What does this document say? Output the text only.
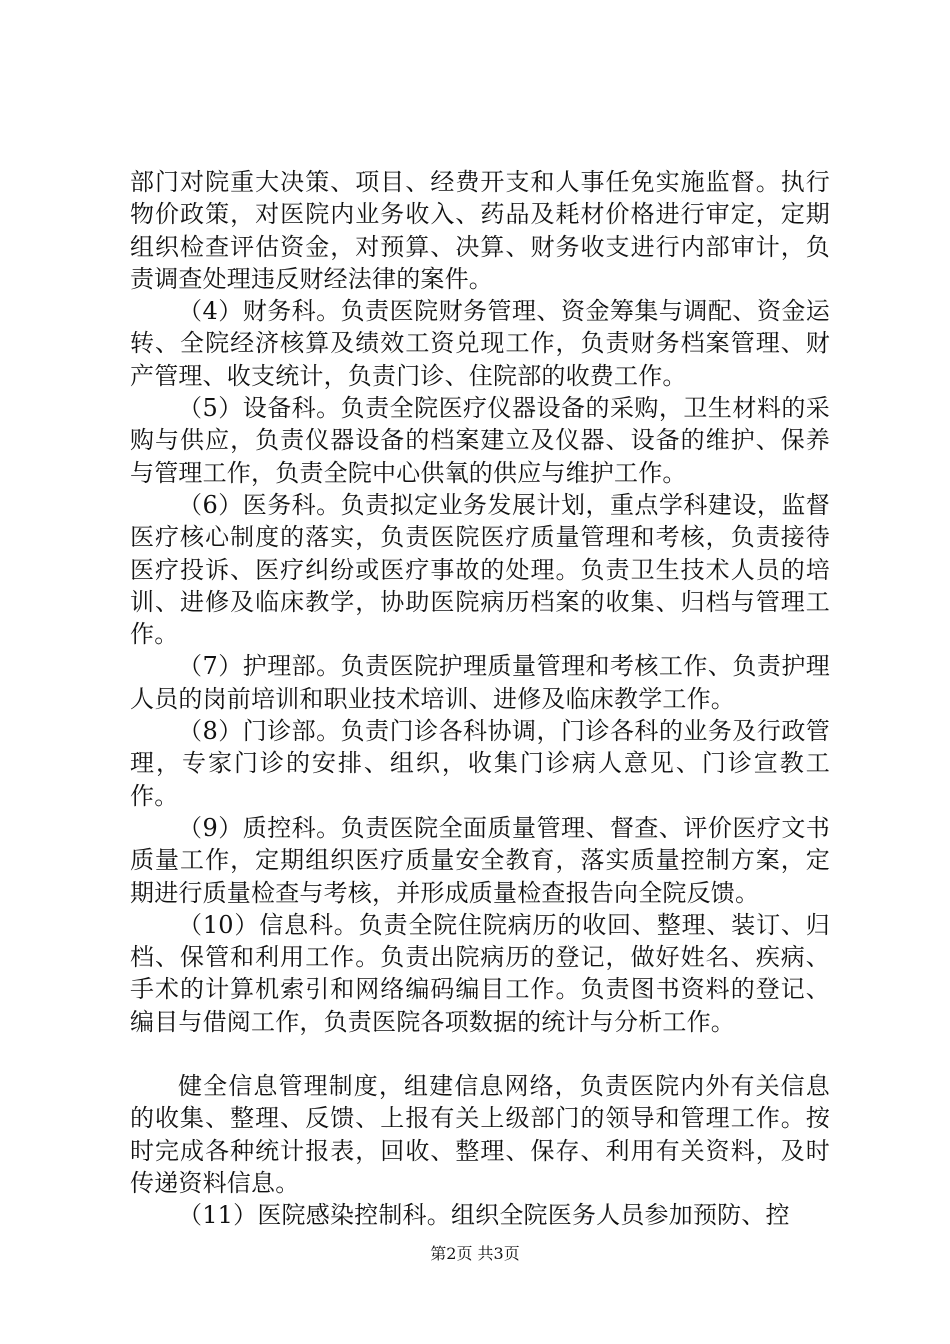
部门对院重大决策、项目、经费开支和人事任免实施监督。执行物价政策，对医院内业务收入、药品及耗材价格进行审定，定期组织检查评估资金，对预算、决算、财务收支进行内部审计，负责调查处理违反财经法律的案件。

（4）财务科。负责医院财务管理、资金筹集与调配、资金运转、全院经济核算及绩效工资兑现工作，负责财务档案管理、财产管理、收支统计，负责门诊、住院部的收费工作。

（5）设备科。负责全院医疗仪器设备的采购，卫生材料的采购与供应，负责仪器设备的档案建立及仪器、设备的维护、保养与管理工作，负责全院中心供氧的供应与维护工作。

（6）医务科。负责拟定业务发展计划，重点学科建设，监督医疗核心制度的落实，负责医院医疗质量管理和考核，负责接待医疗投诉、医疗纠纷或医疗事故的处理。负责卫生技术人员的培训、进修及临床教学，协助医院病历档案的收集、归档与管理工作。

（7）护理部。负责医院护理质量管理和考核工作、负责护理人员的岗前培训和职业技术培训、进修及临床教学工作。

（8）门诊部。负责门诊各科协调，门诊各科的业务及行政管理，专家门诊的安排、组织，收集门诊病人意见、门诊宣教工作。

（9）质控科。负责医院全面质量管理、督查、评价医疗文书质量工作，定期组织医疗质量安全教育，落实质量控制方案，定期进行质量检查与考核，并形成质量检查报告向全院反馈。

（10）信息科。负责全院住院病历的收回、整理、装订、归档、保管和利用工作。负责出院病历的登记，做好姓名、疾病、手术的计算机索引和网络编码编目工作。负责图书资料的登记、编目与借阅工作，负责医院各项数据的统计与分析工作。

健全信息管理制度，组建信息网络，负责医院内外有关信息的收集、整理、反馈、上报有关上级部门的领导和管理工作。按时完成各种统计报表，回收、整理、保存、利用有关资料，及时传递资料信息。

（11）医院感染控制科。组织全院医务人员参加预防、控

第2页 共3页
